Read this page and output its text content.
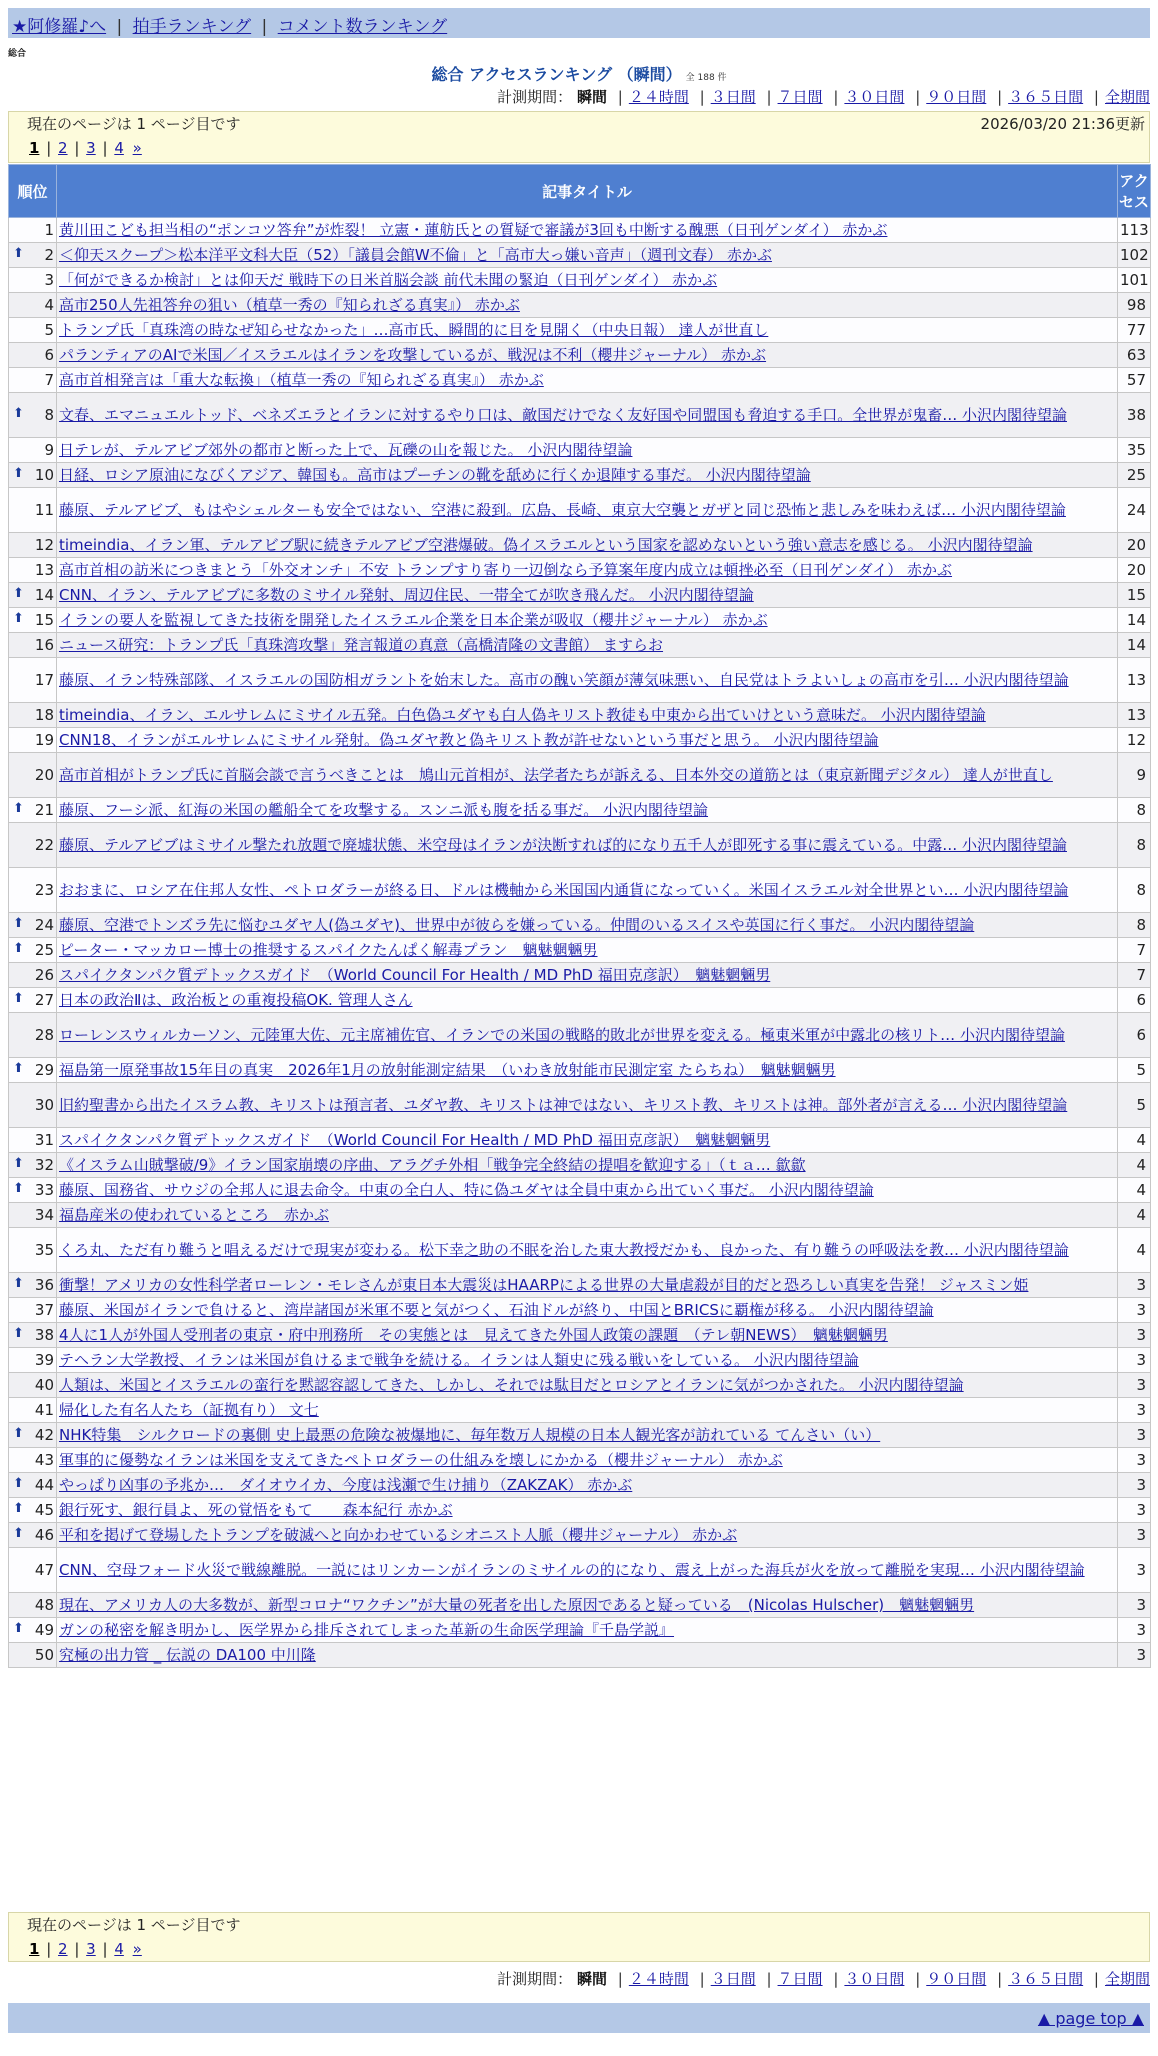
★阿修羅♪へ | 拍手ランキング | コメント数ランキング
総合
総合 アクセスランキング （瞬間） 全 188 件
計測期間： 瞬間 | ２４時間 | ３日間 | ７日間 | ３０日間 | ９０日間 | ３６５日間 | 全期間
現在のページは 1 ページ目です	2026/03/20 21:36更新
1 | 2 | 3 | 4 »
順位	記事タイトル	アクセス
1	黄川田こども担当相の“ポンコツ答弁”が炸裂！ 立憲・蓮舫氏との質疑で審議が3回も中断する醜悪（日刊ゲンダイ） 赤かぶ	113

⬆ 2	＜仰天スクープ＞松本洋平文科大臣（52）「議員会館W不倫」と「高市大っ嫌い音声」（週刊文春） 赤かぶ	102
3	「何ができるか検討」とは仰天だ 戦時下の日米首脳会談 前代未聞の緊迫（日刊ゲンダイ） 赤かぶ	101
4	高市250人先祖答弁の狙い（植草一秀の『知られざる真実』） 赤かぶ	98
5	トランプ氏「真珠湾の時なぜ知らせなかった」…高市氏、瞬間的に目を見開く（中央日報） 達人が世直し	77
6	パランティアのAIで米国／イスラエルはイランを攻撃しているが、戦況は不利（櫻井ジャーナル） 赤かぶ	63
7	高市首相発言は「重大な転換」（植草一秀の『知られざる真実』） 赤かぶ	57

⬆ 8	文春、エマニュエルトッド、ベネズエラとイランに対するやり口は、敵国だけでなく友好国や同盟国も脅迫する手口。全世界が鬼畜… 小沢内閣待望論	38
9	日テレが、テルアビブ郊外の都市と断った上で、瓦礫の山を報じた。 小沢内閣待望論	35

⬆ 10	日経、ロシア原油になびくアジア、韓国も。高市はプーチンの靴を舐めに行くか退陣する事だ。 小沢内閣待望論	25
11	藤原、テルアビブ、もはやシェルターも安全ではない、空港に殺到。広島、長崎、東京大空襲とガザと同じ恐怖と悲しみを味わえば… 小沢内閣待望論	24
12	timeindia、イラン軍、テルアビブ駅に続きテルアビブ空港爆破。偽イスラエルという国家を認めないという強い意志を感じる。 小沢内閣待望論	20
13	高市首相の訪米につきまとう「外交オンチ」不安 トランプすり寄り一辺倒なら予算案年度内成立は頓挫必至（日刊ゲンダイ） 赤かぶ	20

⬆ 14	CNN、イラン、テルアビブに多数のミサイル発射、周辺住民、一帯全てが吹き飛んだ。 小沢内閣待望論	15

⬆ 15	イランの要人を監視してきた技術を開発したイスラエル企業を日本企業が吸収（櫻井ジャーナル） 赤かぶ	14
16	ニュース研究：トランプ氏「真珠湾攻撃」発言報道の真意（高橋清隆の文書館） ますらお	14
17	藤原、イラン特殊部隊、イスラエルの国防相ガラントを始末した。高市の醜い笑顔が薄気味悪い、自民党はトラよいしょの高市を引… 小沢内閣待望論	13
18	timeindia、イラン、エルサレムにミサイル五発。白色偽ユダヤも白人偽キリスト教徒も中東から出ていけという意味だ。 小沢内閣待望論	13
19	CNN18、イランがエルサレムにミサイル発射。偽ユダヤ教と偽キリスト教が許せないという事だと思う。 小沢内閣待望論	12
20	高市首相がトランプ氏に首脳会談で言うべきことは　鳩山元首相が、法学者たちが訴える、日本外交の道筋とは（東京新聞デジタル） 達人が世直し	9

⬆ 21	藤原、フーシ派、紅海の米国の艦船全てを攻撃する。スンニ派も腹を括る事だ。 小沢内閣待望論	8
22	藤原、テルアビブはミサイル撃たれ放題で廃墟状態、米空母はイランが決断すれば的になり五千人が即死する事に震えている。中露… 小沢内閣待望論	8
23	おおまに、ロシア在住邦人女性、ペトロダラーが終る日、ドルは機軸から米国国内通貨になっていく。米国イスラエル対全世界とい… 小沢内閣待望論	8

⬆ 24	藤原、空港でトンズラ先に悩むユダヤ人(偽ユダヤ)、世界中が彼らを嫌っている。仲間のいるスイスや英国に行く事だ。 小沢内閣待望論	8

⬆ 25	ピーター・マッカロー博士の推奨するスパイクたんぱく解毒プラン　魑魅魍魎男	7
26	スパイクタンパク質デトックスガイド　（World Council For Health / MD PhD 福田克彦訳）　魑魅魍魎男	7

⬆ 27	日本の政治Ⅱは、政治板との重複投稿OK. 管理人さん	6
28	ローレンスウィルカーソン、元陸軍大佐、元主席補佐官、イランでの米国の戦略的敗北が世界を変える。極東米軍が中露北の核リト… 小沢内閣待望論	6

⬆ 29	福島第一原発事故15年目の真実　2026年1月の放射能測定結果　（いわき放射能市民測定室 たらちね）　魑魅魍魎男	5
30	旧約聖書から出たイスラム教、キリストは預言者、ユダヤ教、キリストは神ではない、キリスト教、キリストは神。部外者が言える… 小沢内閣待望論	5
31	スパイクタンパク質デトックスガイド　（World Council For Health / MD PhD 福田克彦訳）　魑魅魍魎男	4

⬆ 32	《イスラム山賊撃破/9》イラン国家崩壊の序曲、アラグチ外相「戦争完全終結の提唱を歓迎する」（ｔａ… 歙歙	4

⬆ 33	藤原、国務省、サウジの全邦人に退去命令。中東の全白人、特に偽ユダヤは全員中東から出ていく事だ。 小沢内閣待望論	4
34	福島産米の使われているところ　赤かぶ	4
35	くろ丸、ただ有り難うと唱えるだけで現実が変わる。松下幸之助の不眠を治した東大教授だかも、良かった、有り難うの呼吸法を教… 小沢内閣待望論	4

⬆ 36	衝撃！アメリカの女性科学者ローレン・モレさんが東日本大震災はHAARPによる世界の大量虐殺が目的だと恐ろしい真実を告発！ ジャスミン姫	3
37	藤原、米国がイランで負けると、湾岸諸国が米軍不要と気がつく、石油ドルが終り、中国とBRICSに覇権が移る。 小沢内閣待望論	3

⬆ 38	4人に1人が外国人受刑者の東京・府中刑務所　その実態とは　見えてきた外国人政策の課題　（テレ朝NEWS）　魑魅魍魎男	3
39	テヘラン大学教授、イランは米国が負けるまで戦争を続ける。イランは人類史に残る戦いをしている。 小沢内閣待望論	3
40	人類は、米国とイスラエルの蛮行を黙認容認してきた、しかし、それでは駄目だとロシアとイランに気がつかされた。 小沢内閣待望論	3
41	帰化した有名人たち（証拠有り） 文七	3

⬆ 42	NHK特集　シルクロードの裏側 史上最悪の危険な被爆地に、毎年数万人規模の日本人観光客が訪れている てんさい（い）	3
43	軍事的に優勢なイランは米国を支えてきたペトロダラーの仕組みを壊しにかかる（櫻井ジャーナル） 赤かぶ	3

⬆ 44	やっぱり凶事の予兆か…　ダイオウイカ、今度は浅瀬で生け捕り（ZAKZAK） 赤かぶ	3

⬆ 45	銀行死す、銀行員よ、死の覚悟をもて　　森本紀行 赤かぶ	3

⬆ 46	平和を掲げて登場したトランプを破滅へと向かわせているシオニスト人脈（櫻井ジャーナル） 赤かぶ	3
47	CNN、空母フォード火災で戦線離脱。一説にはリンカーンがイランのミサイルの的になり、震え上がった海兵が火を放って離脱を実現… 小沢内閣待望論	3
48	現在、アメリカ人の大多数が、新型コロナ“ワクチン”が大量の死者を出した原因であると疑っている　(Nicolas Hulscher)　魑魅魍魎男	3

⬆ 49	ガンの秘密を解き明かし、医学界から排斥されてしまった革新の生命医学理論『千島学説』	3
50	究極の出力管 _ 伝説の DA100 中川隆	3
現在のページは 1 ページ目です
1 | 2 | 3 | 4 »
計測期間： 瞬間 | ２４時間 | ３日間 | ７日間 | ３０日間 | ９０日間 | ３６５日間 | 全期間
▲ page top ▲
